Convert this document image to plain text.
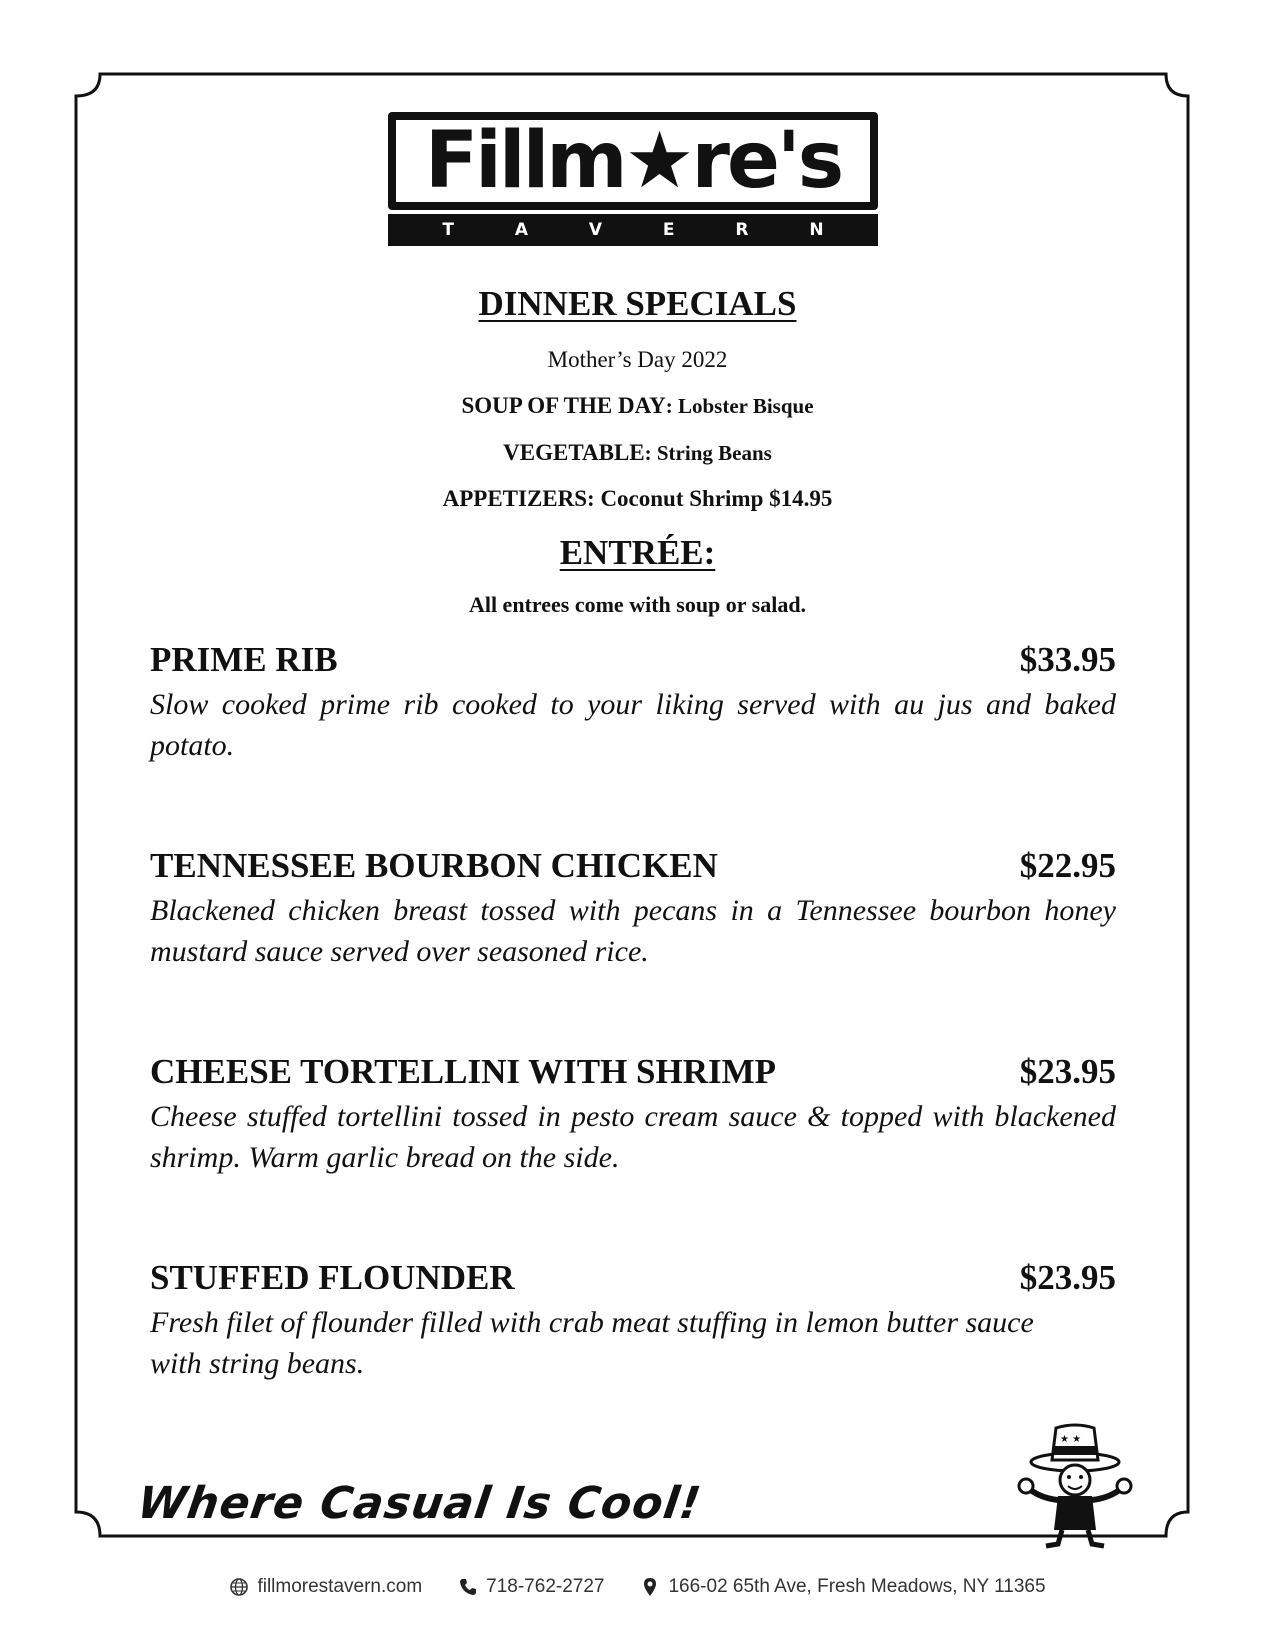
Fillm★re's
T	A	V	E	R	N
DINNER SPECIALS
Mother’s Day 2022
SOUP OF THE DAY: Lobster Bisque
VEGETABLE: String Beans
APPETIZERS: Coconut Shrimp $14.95
ENTRÉE:
All entrees come with soup or salad.
PRIME RIB	$33.95
Slow cooked prime rib cooked to your liking served with au jus and baked potato.
TENNESSEE BOURBON CHICKEN	$22.95
Blackened chicken breast tossed with pecans in a Tennessee bourbon honey mustard sauce served over seasoned rice.
CHEESE TORTELLINI WITH SHRIMP	$23.95
Cheese stuffed tortellini tossed in pesto cream sauce & topped with blackened shrimp. Warm garlic bread on the side.
STUFFED FLOUNDER	$23.95
Fresh filet of flounder filled with crab meat stuffing in lemon butter sauce with string beans.
Where Casual Is Cool!
★ ★
fillmorestavern.com	718-762-2727	166-02 65th Ave, Fresh Meadows, NY 11365
